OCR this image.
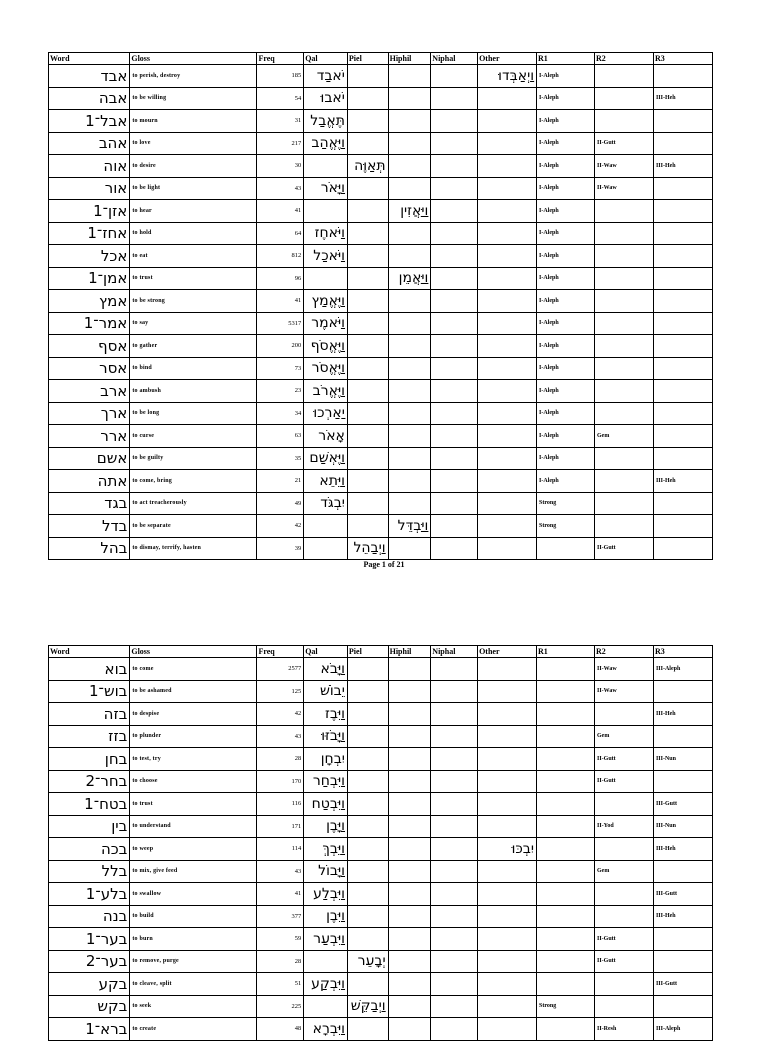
Word	Gloss	Freq	Qal	Piel	Hiphil	Niphal	Other	R1	R2	R3
אבד	to perish, destroy	185	יֹאבַד				וַיְאַבְּדוּ	I-Aleph		
אבה	to be willing	54	יֹאבוּ					I-Aleph		III-Heh
אבל־1	to mourn	31	תֶּאֱבַל					I-Aleph		
אהב	to love	217	וַיֶּאֱהַב					I-Aleph	II-Gutt	
אוה	to desire	30		תְּאַוֶּה				I-Aleph	II-Waw	III-Heh
אור	to be light	43	וַיָּאֹר					I-Aleph	II-Waw	
אזן־1	to hear	41			וַיַּאֲזִין			I-Aleph		
אחז־1	to hold	64	וַיֹּאחֶז					I-Aleph		
אכל	to eat	812	וַיֹּאכַל					I-Aleph		
אמן־1	to trust	96			וַיַּאֲמֵן			I-Aleph		
אמץ	to be strong	41	וַיֶּאֱמַץ					I-Aleph		
אמר־1	to say	5317	וַיֹּאמֶר					I-Aleph		
אסף	to gather	200	וַיֶּאֱסֹף					I-Aleph		
אסר	to bind	73	וַיֶּאֱסֹר					I-Aleph		
ארב	to ambush	23	וַיֶּאֱרֹב					I-Aleph		
ארך	to be long	34	יַאַרְכוּ					I-Aleph		
ארר	to curse	63	אָאֹר					I-Aleph	Gem	
אשם	to be guilty	35	וַיֶּאְשַׁם					I-Aleph		
אתה	to come, bring	21	וַיֵּתֵא					I-Aleph		III-Heh
בגד	to act treacherously	49	יִבְגֹּד					Strong		
בדל	to be separate	42			וַיַּבְדֵּל			Strong		
בהל	to dismay, terrify, hasten	39		וַיְבַהֵל					II-Gutt	
Page 1 of 21
Word	Gloss	Freq	Qal	Piel	Hiphil	Niphal	Other	R1	R2	R3
בוא	to come	2577	וַיָּבֹא						II-Waw	III-Aleph
בוש־1	to be ashamed	125	יֵבוֹשׁ						II-Waw	
בזה	to despise	42	וַיִּבֶז							III-Heh
בזז	to plunder	43	וַיָּבֹזּוּ						Gem	
בחן	to test, try	28	יִבְחָן						II-Gutt	III-Nun
בחר־2	to choose	170	וַיִּבְחַר						II-Gutt	
בטח־1	to trust	116	וַיִּבְטַח							III-Gutt
בין	to understand	171	וַיָּבֶן						II-Yod	III-Nun
בכה	to weep	114	וַיֵּבְךְּ				יִבְכּוּ			III-Heh
בלל	to mix, give feed	43	וַיָּבוֹל						Gem	
בלע־1	to swallow	41	וַיִּבְלַע							III-Gutt
בנה	to build	377	וַיִּבֶן							III-Heh
בער־1	to burn	59	וַיִּבְעַר						II-Gutt	
בער־2	to remove, purge	28		יְבָעֵר					II-Gutt	
בקע	to cleave, split	51	וַיִּבְקַע							III-Gutt
בקש	to seek	225		וַיְבַקֵּשׁ				Strong		
ברא־1	to create	48	וַיִּבְרָא						II-Resh	III-Aleph
